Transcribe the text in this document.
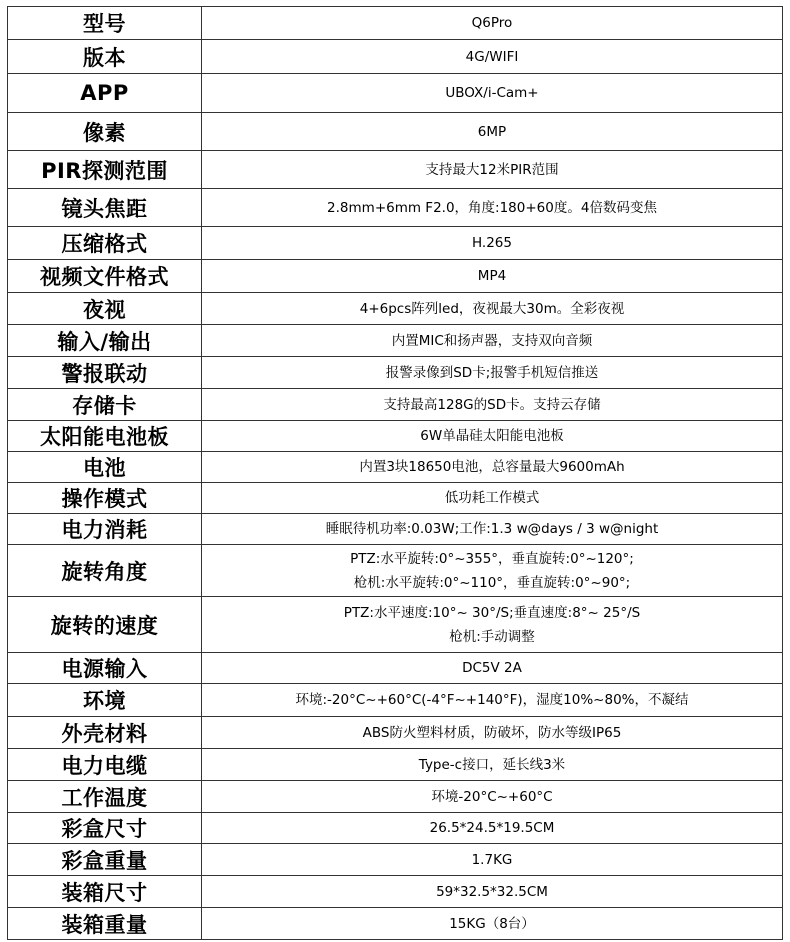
型号	Q6Pro
版本	4G/WIFI
APP	UBOX/i-Cam+
像素	6MP
PIR探测范围	支持最大12米PIR范围
镜头焦距	2.8mm+6mm F2.0，角度:180+60度。4倍数码变焦
压缩格式	H.265
视频文件格式	MP4
夜视	4+6pcs阵列led，夜视最大30m。全彩夜视
输入/输出	内置MIC和扬声器，支持双向音频
警报联动	报警录像到SD卡;报警手机短信推送
存储卡	支持最高128G的SD卡。支持云存储
太阳能电池板	6W单晶硅太阳能电池板
电池	内置3块18650电池，总容量最大9600mAh
操作模式	低功耗工作模式
电力消耗	睡眠待机功率:0.03W;工作:1.3 w@days / 3 w@night
旋转角度	PTZ:水平旋转:0°~355°，垂直旋转:0°~120°;
枪机:水平旋转:0°~110°，垂直旋转:0°~90°;

旋转的速度	PTZ:水平速度:10°~ 30°/S;垂直速度:8°~ 25°/S
枪机:手动调整

电源输入	DC5V 2A
环境	环境:-20°C~+60°C(-4°F~+140°F)，湿度10%~80%，不凝结
外壳材料	ABS防火塑料材质，防破坏，防水等级IP65
电力电缆	Type-c接口，延长线3米
工作温度	环境-20°C~+60°C
彩盒尺寸	26.5*24.5*19.5CM
彩盒重量	1.7KG
装箱尺寸	59*32.5*32.5CM
装箱重量	15KG（8台）
